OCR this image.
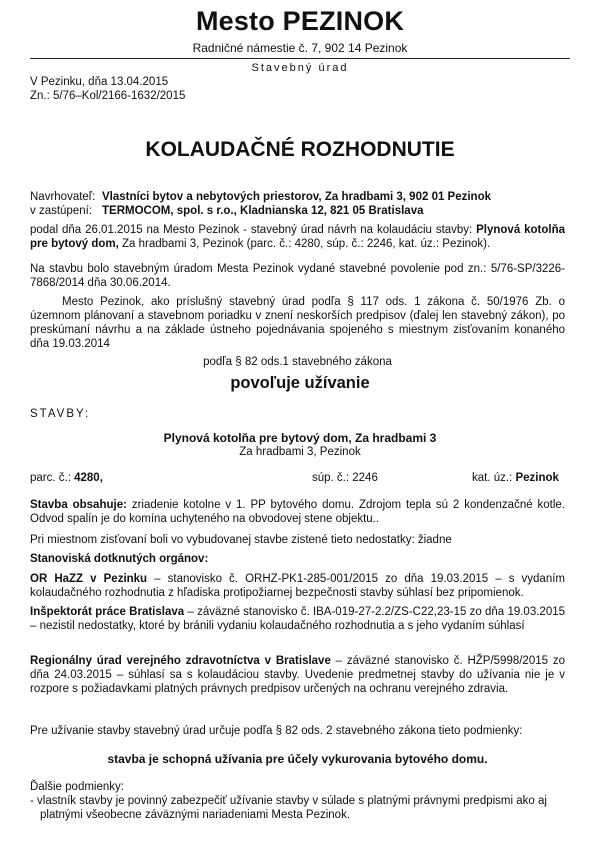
Mesto PEZINOK
Radničné námestie č. 7, 902 14 Pezinok
Stavebný úrad
V Pezinku, dňa 13.04.2015
Zn.: 5/76–Kol/2166-1632/2015
KOLAUDAČNÉ ROZHODNUTIE
Navrhovateľ: Vlastníci bytov a nebytových priestorov, Za hradbami 3, 902 01 Pezinok
v zastúpení: TERMOCOM, spol. s r.o., Kladnianska 12, 821 05 Bratislava
podal dňa 26.01.2015 na Mesto Pezinok - stavebný úrad návrh na kolaudáciu stavby: Plynová kotolňa pre bytový dom, Za hradbami 3, Pezinok (parc. č.: 4280, súp. č.: 2246, kat. úz.: Pezinok).
Na stavbu bolo stavebným úradom Mesta Pezinok vydané stavebné povolenie pod zn.: 5/76-SP/3226-7868/2014 dňa 30.06.2014.
Mesto Pezinok, ako príslušný stavebný úrad podľa § 117 ods. 1 zákona č. 50/1976 Zb. o územnom plánovaní a stavebnom poriadku v znení neskorších predpisov (ďalej len stavebný zákon), po preskúmaní návrhu a na základe ústneho pojednávania spojeného s miestnym zisťovaním konaného dňa 19.03.2014
podľa § 82 ods.1 stavebného zákona
povoľuje užívanie
STAVBY:
Plynová kotolňa pre bytový dom, Za hradbami 3
Za hradbami 3, Pezinok
parc. č.: 4280,	súp. č.: 2246	kat. úz.: Pezinok
Stavba obsahuje: zriadenie kotolne v 1. PP bytového domu. Zdrojom tepla sú 2 kondenzačné kotle. Odvod spalín je do komína uchyteného na obvodovej stene objektu..
Pri miestnom zisťovaní boli vo vybudovanej stavbe zistené tieto nedostatky: žiadne
Stanoviská dotknutých orgánov:
OR HaZZ v Pezinku – stanovisko č. ORHZ-PK1-285-001/2015 zo dňa 19.03.2015 – s vydaním kolaudačného rozhodnutia z hľadiska protipožiarnej bezpečnosti stavby súhlasí bez pripomienok.
Inšpektorát práce Bratislava – záväzné stanovisko č. IBA-019-27-2.2/ZS-C22,23-15 zo dňa 19.03.2015 – nezistil nedostatky, ktoré by bránili vydaniu kolaudačného rozhodnutia a s jeho vydaním súhlasí
Regionálny úrad verejného zdravotníctva v Bratislave – záväzné stanovisko č. HŽP/5998/2015 zo dňa 24.03.2015 – súhlasí sa s kolaudáciou stavby. Uvedenie predmetnej stavby do užívania nie je v rozpore s požiadavkami platných právnych predpisov určených na ochranu verejného zdravia.
Pre užívanie stavby stavebný úrad určuje podľa § 82 ods. 2 stavebného zákona tieto podmienky:
stavba je schopná užívania pre účely vykurovania bytového domu.
Ďalšie podmienky:
- vlastník stavby je povinný zabezpečiť užívanie stavby v súlade s platnými právnymi predpismi ako aj platnými všeobecne záväznými nariadeniami Mesta Pezinok.
